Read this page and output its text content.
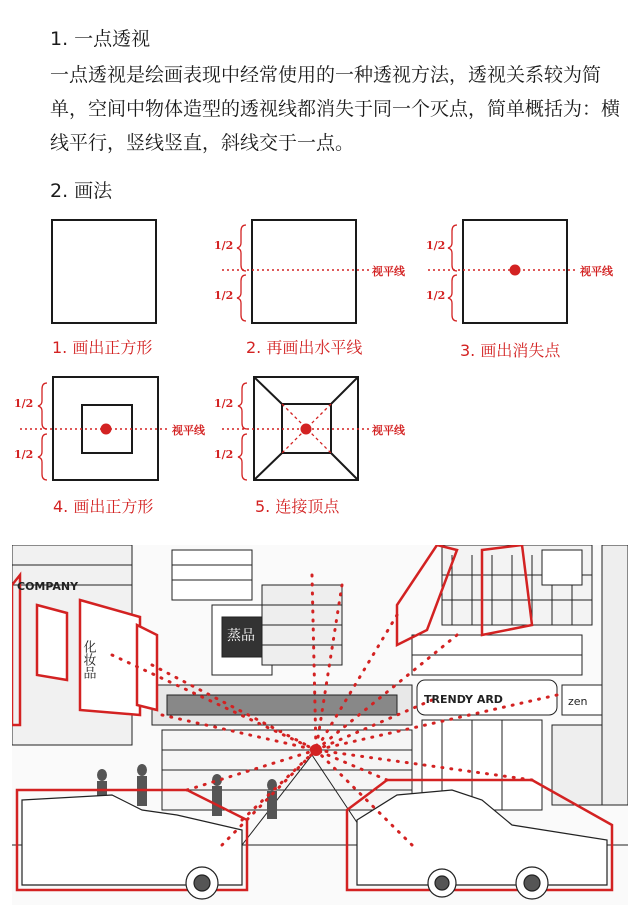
1. 一点透视
一点透视是绘画表现中经常使用的一种透视方法，透视关系较为简单，空间中物体造型的透视线都消失于同一个灭点，简单概括为：横线平行，竖线竖直，斜线交于一点。
2. 画法
1/2
1/2
1/2
1/2
1/2
1/2
1/2
1/2
视平线	视平线
视平线	视平线
1. 画出正方形	2. 再画出水平线	3. 画出消失点
4. 画出正方形	5. 连接顶点
COMPANY
化妆品
蒸品
TRENDY ARD	zen
